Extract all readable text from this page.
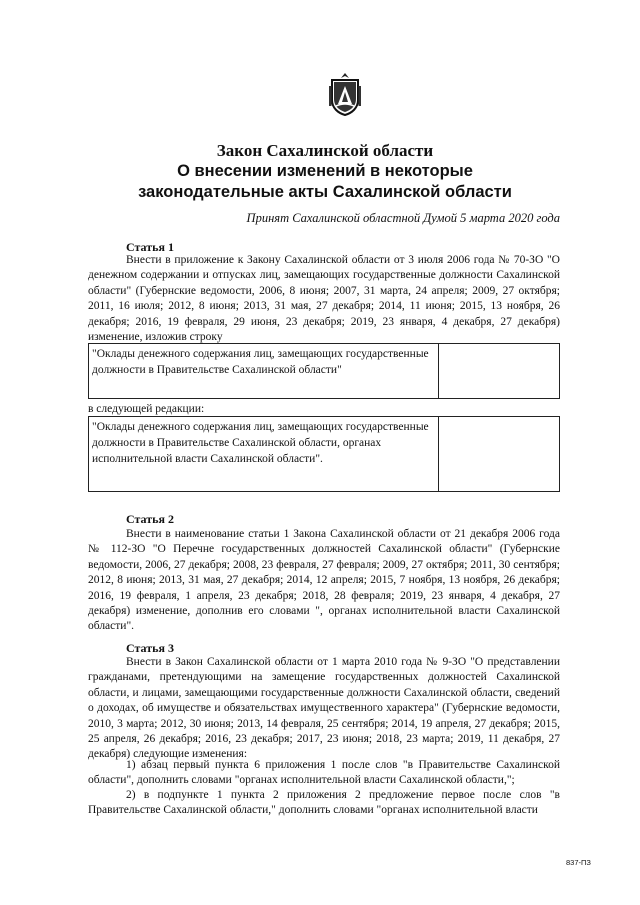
Закон Сахалинской области
О внесении изменений в некоторые
законодательные акты Сахалинской области
Принят Сахалинской областной Думой 5 марта 2020 года
Статья 1
Внести в приложение к Закону Сахалинской области от 3 июля 2006 года № 70-ЗО "О денежном содержании и отпусках лиц, замещающих государственные должности Сахалинской области" (Губернские ведомости, 2006, 8 июня; 2007, 31 марта, 24 апреля; 2009, 27 октября; 2011, 16 июля; 2012, 8 июня; 2013, 31 мая, 27 декабря; 2014, 11 июня; 2015, 13 ноября, 26 декабря; 2016, 19 февраля, 29 июня, 23 декабря; 2019, 23 января, 4 декабря, 27 декабря) изменение, изложив строку
"Оклады денежного содержания лиц, замещающих государственные должности в Правительстве Сахалинской области"	
в следующей редакции:
"Оклады денежного содержания лиц, замещающих государственные должности в Правительстве Сахалинской области, органах исполнительной власти Сахалинской области".	
Статья 2
Внести в наименование статьи 1 Закона Сахалинской области от 21 декабря 2006 года № 112-ЗО "О Перечне государственных должностей Сахалинской области" (Губернские ведомости, 2006, 27 декабря; 2008, 23 февраля, 27 февраля; 2009, 27 октября; 2011, 30 сентября; 2012, 8 июня; 2013, 31 мая, 27 декабря; 2014, 12 апреля; 2015, 7 ноября, 13 ноября, 26 декабря; 2016, 19 февраля, 1 апреля, 23 декабря; 2018, 28 февраля; 2019, 23 января, 4 декабря, 27 декабря) изменение, дополнив его словами ", органах исполнительной власти Сахалинской области".
Статья 3
Внести в Закон Сахалинской области от 1 марта 2010 года № 9-ЗО "О представлении гражданами, претендующими на замещение государственных должностей Сахалинской области, и лицами, замещающими государственные должности Сахалинской области, сведений о доходах, об имуществе и обязательствах имущественного характера" (Губернские ведомости, 2010, 3 марта; 2012, 30 июня; 2013, 14 февраля, 25 сентября; 2014, 19 апреля, 27 декабря; 2015, 25 апреля, 26 декабря; 2016, 23 декабря; 2017, 23 июня; 2018, 23 марта; 2019, 11 декабря, 27 декабря) следующие изменения:
1) абзац первый пункта 6 приложения 1 после слов "в Правительстве Сахалинской области", дополнить словами "органах исполнительной власти Сахалинской области,";
2) в подпункте 1 пункта 2 приложения 2 предложение первое после слов "в Правительстве Сахалинской области," дополнить словами "органах исполнительной власти
837-ПЗ
